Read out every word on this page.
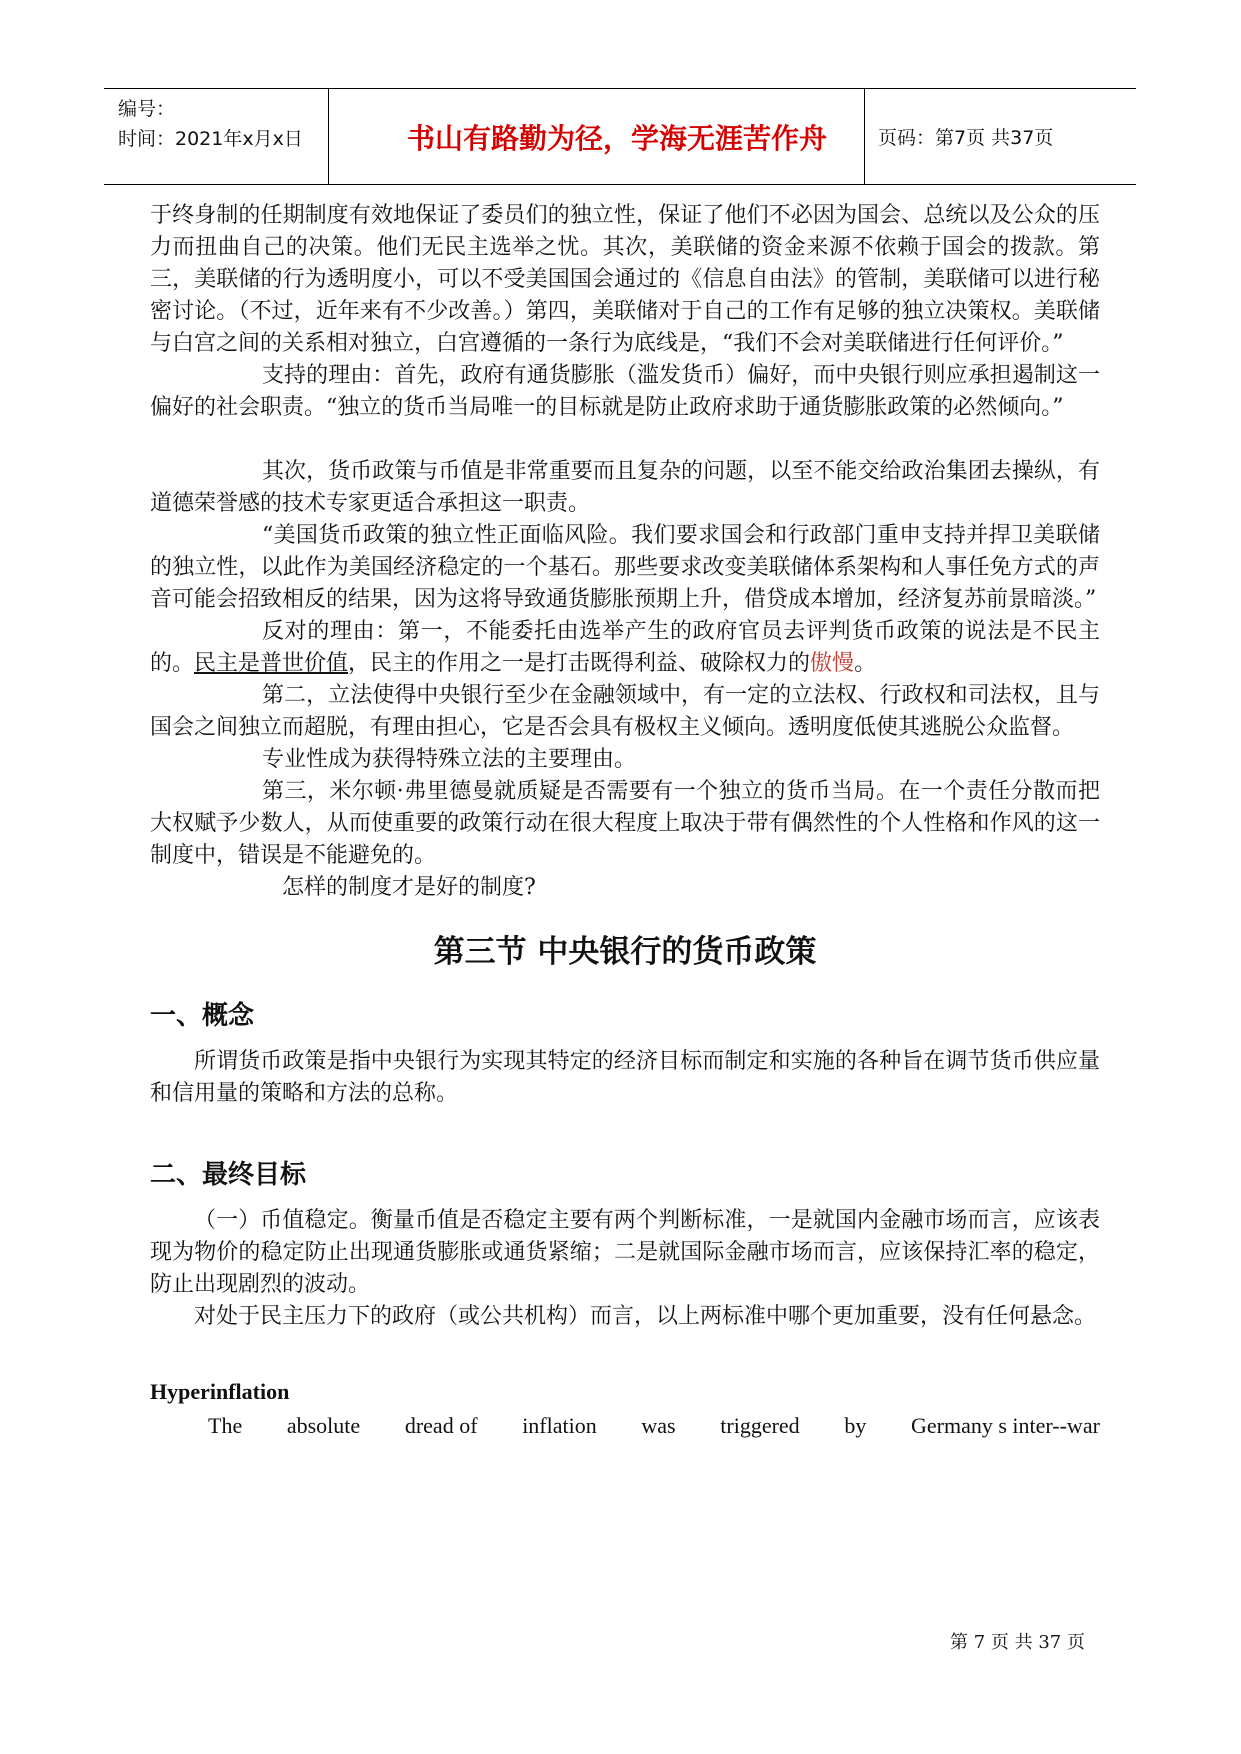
编号：
时间：2021年x月x日	书山有路勤为径，学海无涯苦作舟	页码：第7页 共37页

于终身制的任期制度有效地保证了委员们的独立性，保证了他们不必因为国会、总统以及公众的压力而扭曲自己的决策。他们无民主选举之忧。其次，美联储的资金来源不依赖于国会的拨款。第三，美联储的行为透明度小，可以不受美国国会通过的《信息自由法》的管制，美联储可以进行秘密讨论。（不过，近年来有不少改善。）第四，美联储对于自己的工作有足够的独立决策权。美联储与白宫之间的关系相对独立，白宫遵循的一条行为底线是，“我们不会对美联储进行任何评价。”

支持的理由：首先，政府有通货膨胀（滥发货币）偏好，而中央银行则应承担遏制这一偏好的社会职责。“独立的货币当局唯一的目标就是防止政府求助于通货膨胀政策的必然倾向。”

其次，货币政策与币值是非常重要而且复杂的问题，以至不能交给政治集团去操纵，有道德荣誉感的技术专家更适合承担这一职责。

“美国货币政策的独立性正面临风险。我们要求国会和行政部门重申支持并捍卫美联储的独立性，以此作为美国经济稳定的一个基石。那些要求改变美联储体系架构和人事任免方式的声音可能会招致相反的结果，因为这将导致通货膨胀预期上升，借贷成本增加，经济复苏前景暗淡。”

反对的理由：第一，不能委托由选举产生的政府官员去评判货币政策的说法是不民主的。民主是普世价值，民主的作用之一是打击既得利益、破除权力的傲慢。

第二，立法使得中央银行至少在金融领域中，有一定的立法权、行政权和司法权，且与国会之间独立而超脱，有理由担心，它是否会具有极权主义倾向。透明度低使其逃脱公众监督。

专业性成为获得特殊立法的主要理由。

第三，米尔顿·弗里德曼就质疑是否需要有一个独立的货币当局。在一个责任分散而把大权赋予少数人，从而使重要的政策行动在很大程度上取决于带有偶然性的个人性格和作风的这一制度中，错误是不能避免的。

怎样的制度才是好的制度?

第三节 中央银行的货币政策
一、概念

所谓货币政策是指中央银行为实现其特定的经济目标而制定和实施的各种旨在调节货币供应量和信用量的策略和方法的总称。

二、最终目标

（一）币值稳定。衡量币值是否稳定主要有两个判断标准，一是就国内金融市场而言，应该表现为物价的稳定防止出现通货膨胀或通货紧缩；二是就国际金融市场而言，应该保持汇率的稳定，防止出现剧烈的波动。

对处于民主压力下的政府（或公共机构）而言，以上两标准中哪个更加重要，没有任何悬念。

Hyperinflation
The absolute dread of inflation was triggered by Germany s inter--war
第 7 页 共 37 页
